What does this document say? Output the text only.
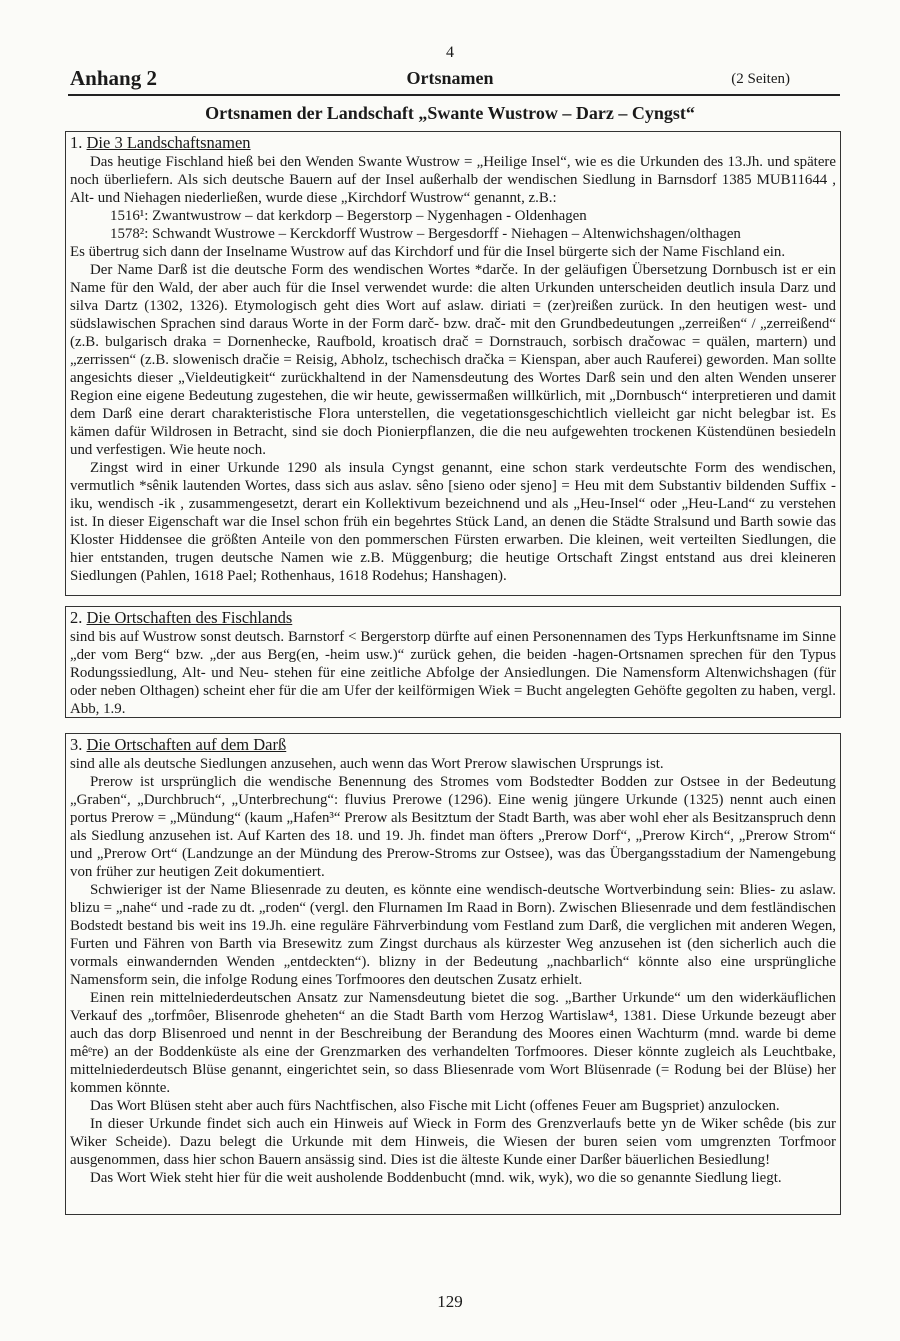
4
Anhang 2	Ortsnamen	(2 Seiten)
Ortsnamen der Landschaft „Swante Wustrow – Darz – Cyngst“
1. Die 3 Landschaftsnamen

Das heutige Fischland hieß bei den Wenden Swante Wustrow = „Heilige Insel“, wie es die Urkunden des 13.Jh. und spätere noch überliefern. Als sich deutsche Bauern auf der Insel außerhalb der wendischen Siedlung in Barnsdorf 1385 MUB11644 , Alt- und Niehagen niederließen, wurde diese „Kirchdorf Wustrow“ genannt, z.B.:

1516¹: Zwantwustrow – dat kerkdorp – Begerstorp – Nygenhagen - Oldenhagen

1578²: Schwandt Wustrowe – Kerckdorff Wustrow – Bergesdorff - Niehagen – Altenwichshagen/olthagen

Es übertrug sich dann der Inselname Wustrow auf das Kirchdorf und für die Insel bürgerte sich der Name Fischland ein.

Der Name Darß ist die deutsche Form des wendischen Wortes *darče. In der geläufigen Übersetzung Dornbusch ist er ein Name für den Wald, der aber auch für die Insel verwendet wurde: die alten Urkunden unterscheiden deutlich insula Darz und silva Dartz (1302, 1326). Etymologisch geht dies Wort auf aslaw. diriati = (zer)reißen zurück. In den heutigen west- und südslawischen Sprachen sind daraus Worte in der Form darč- bzw. drač- mit den Grundbedeutungen „zerreißen“ / „zerreißend“ (z.B. bulgarisch draka = Dornenhecke, Raufbold, kroatisch drač = Dornstrauch, sorbisch dračowac = quälen, martern) und „zerrissen“ (z.B. slowenisch dračie = Reisig, Abholz, tschechisch dračka = Kienspan, aber auch Rauferei) geworden. Man sollte angesichts dieser „Vieldeutigkeit“ zurückhaltend in der Namensdeutung des Wortes Darß sein und den alten Wenden unserer Region eine eigene Bedeutung zugestehen, die wir heute, gewissermaßen willkürlich, mit „Dornbusch“ interpretieren und damit dem Darß eine derart charakteristische Flora unterstellen, die vegetationsgeschichtlich vielleicht gar nicht belegbar ist. Es kämen dafür Wildrosen in Betracht, sind sie doch Pionierpflanzen, die die neu aufgewehten trockenen Küstendünen besiedeln und verfestigen. Wie heute noch.

Zingst wird in einer Urkunde 1290 als insula Cyngst genannt, eine schon stark verdeutschte Form des wendischen, vermutlich *sênik lautenden Wortes, dass sich aus aslav. sêno [sieno oder sjeno] = Heu mit dem Substantiv bildenden Suffix -iku, wendisch -ik , zusammengesetzt, derart ein Kollektivum bezeichnend und als „Heu-Insel“ oder „Heu-Land“ zu verstehen ist. In dieser Eigenschaft war die Insel schon früh ein begehrtes Stück Land, an denen die Städte Stralsund und Barth sowie das Kloster Hiddensee die größten Anteile von den pommerschen Fürsten erwarben. Die kleinen, weit verteilten Siedlungen, die hier entstanden, trugen deutsche Namen wie z.B. Müggenburg; die heutige Ortschaft Zingst entstand aus drei kleineren Siedlungen (Pahlen, 1618 Pael; Rothenhaus, 1618 Rodehus; Hanshagen).

2. Die Ortschaften des Fischlands

sind bis auf Wustrow sonst deutsch. Barnstorf < Bergerstorp dürfte auf einen Personennamen des Typs Herkunftsname im Sinne „der vom Berg“ bzw. „der aus Berg(en, -heim usw.)“ zurück gehen, die beiden -hagen-Ortsnamen sprechen für den Typus Rodungssiedlung, Alt- und Neu- stehen für eine zeitliche Abfolge der Ansiedlungen. Die Namensform Altenwichshagen (für oder neben Olthagen) scheint eher für die am Ufer der keilförmigen Wiek = Bucht angelegten Gehöfte gegolten zu haben, vergl. Abb, 1.9.

3. Die Ortschaften auf dem Darß

sind alle als deutsche Siedlungen anzusehen, auch wenn das Wort Prerow slawischen Ursprungs ist.

Prerow ist ursprünglich die wendische Benennung des Stromes vom Bodstedter Bodden zur Ostsee in der Bedeutung „Graben“, „Durchbruch“, „Unterbrechung“: fluvius Prerowe (1296). Eine wenig jüngere Urkunde (1325) nennt auch einen portus Prerow = „Mündung“ (kaum „Hafen³“ Prerow als Besitztum der Stadt Barth, was aber wohl eher als Besitzanspruch denn als Siedlung anzusehen ist. Auf Karten des 18. und 19. Jh. findet man öfters „Prerow Dorf“, „Prerow Kirch“, „Prerow Strom“ und „Prerow Ort“ (Landzunge an der Mündung des Prerow-Stroms zur Ostsee), was das Übergangsstadium der Namengebung von früher zur heutigen Zeit dokumentiert.

Schwieriger ist der Name Bliesenrade zu deuten, es könnte eine wendisch-deutsche Wortverbindung sein: Blies- zu aslaw. blizu = „nahe“ und -rade zu dt. „roden“ (vergl. den Flurnamen Im Raad in Born). Zwischen Bliesenrade und dem festländischen Bodstedt bestand bis weit ins 19.Jh. eine reguläre Fährverbindung vom Festland zum Darß, die verglichen mit anderen Wegen, Furten und Fähren von Barth via Bresewitz zum Zingst durchaus als kürzester Weg anzusehen ist (den sicherlich auch die vormals einwandernden Wenden „entdeckten“). blizny in der Bedeutung „nachbarlich“ könnte also eine ursprüngliche Namensform sein, die infolge Rodung eines Torfmoores den deutschen Zusatz erhielt.

Einen rein mittelniederdeutschen Ansatz zur Namensdeutung bietet die sog. „Barther Urkunde“ um den widerkäuflichen Verkauf des „torfmôer, Blisenrode gheheten“ an die Stadt Barth vom Herzog Wartislaw⁴, 1381. Diese Urkunde bezeugt aber auch das dorp Blisenroed und nennt in der Beschreibung der Berandung des Moores einen Wachturm (mnd. warde bi deme mêᵉre) an der Boddenküste als eine der Grenzmarken des verhandelten Torfmoores. Dieser könnte zugleich als Leuchtbake, mittelniederdeutsch Blüse genannt, eingerichtet sein, so dass Bliesenrade vom Wort Blüsenrade (= Rodung bei der Blüse) her kommen könnte.

Das Wort Blüsen steht aber auch fürs Nachtfischen, also Fische mit Licht (offenes Feuer am Bugspriet) anzulocken.

In dieser Urkunde findet sich auch ein Hinweis auf Wieck in Form des Grenzverlaufs bette yn de Wiker schêde (bis zur Wiker Scheide). Dazu belegt die Urkunde mit dem Hinweis, die Wiesen der buren seien vom umgrenzten Torfmoor ausgenommen, dass hier schon Bauern ansässig sind. Dies ist die älteste Kunde einer Darßer bäuerlichen Besiedlung!

Das Wort Wiek steht hier für die weit ausholende Boddenbucht (mnd. wik, wyk), wo die so genannte Siedlung liegt.

129
